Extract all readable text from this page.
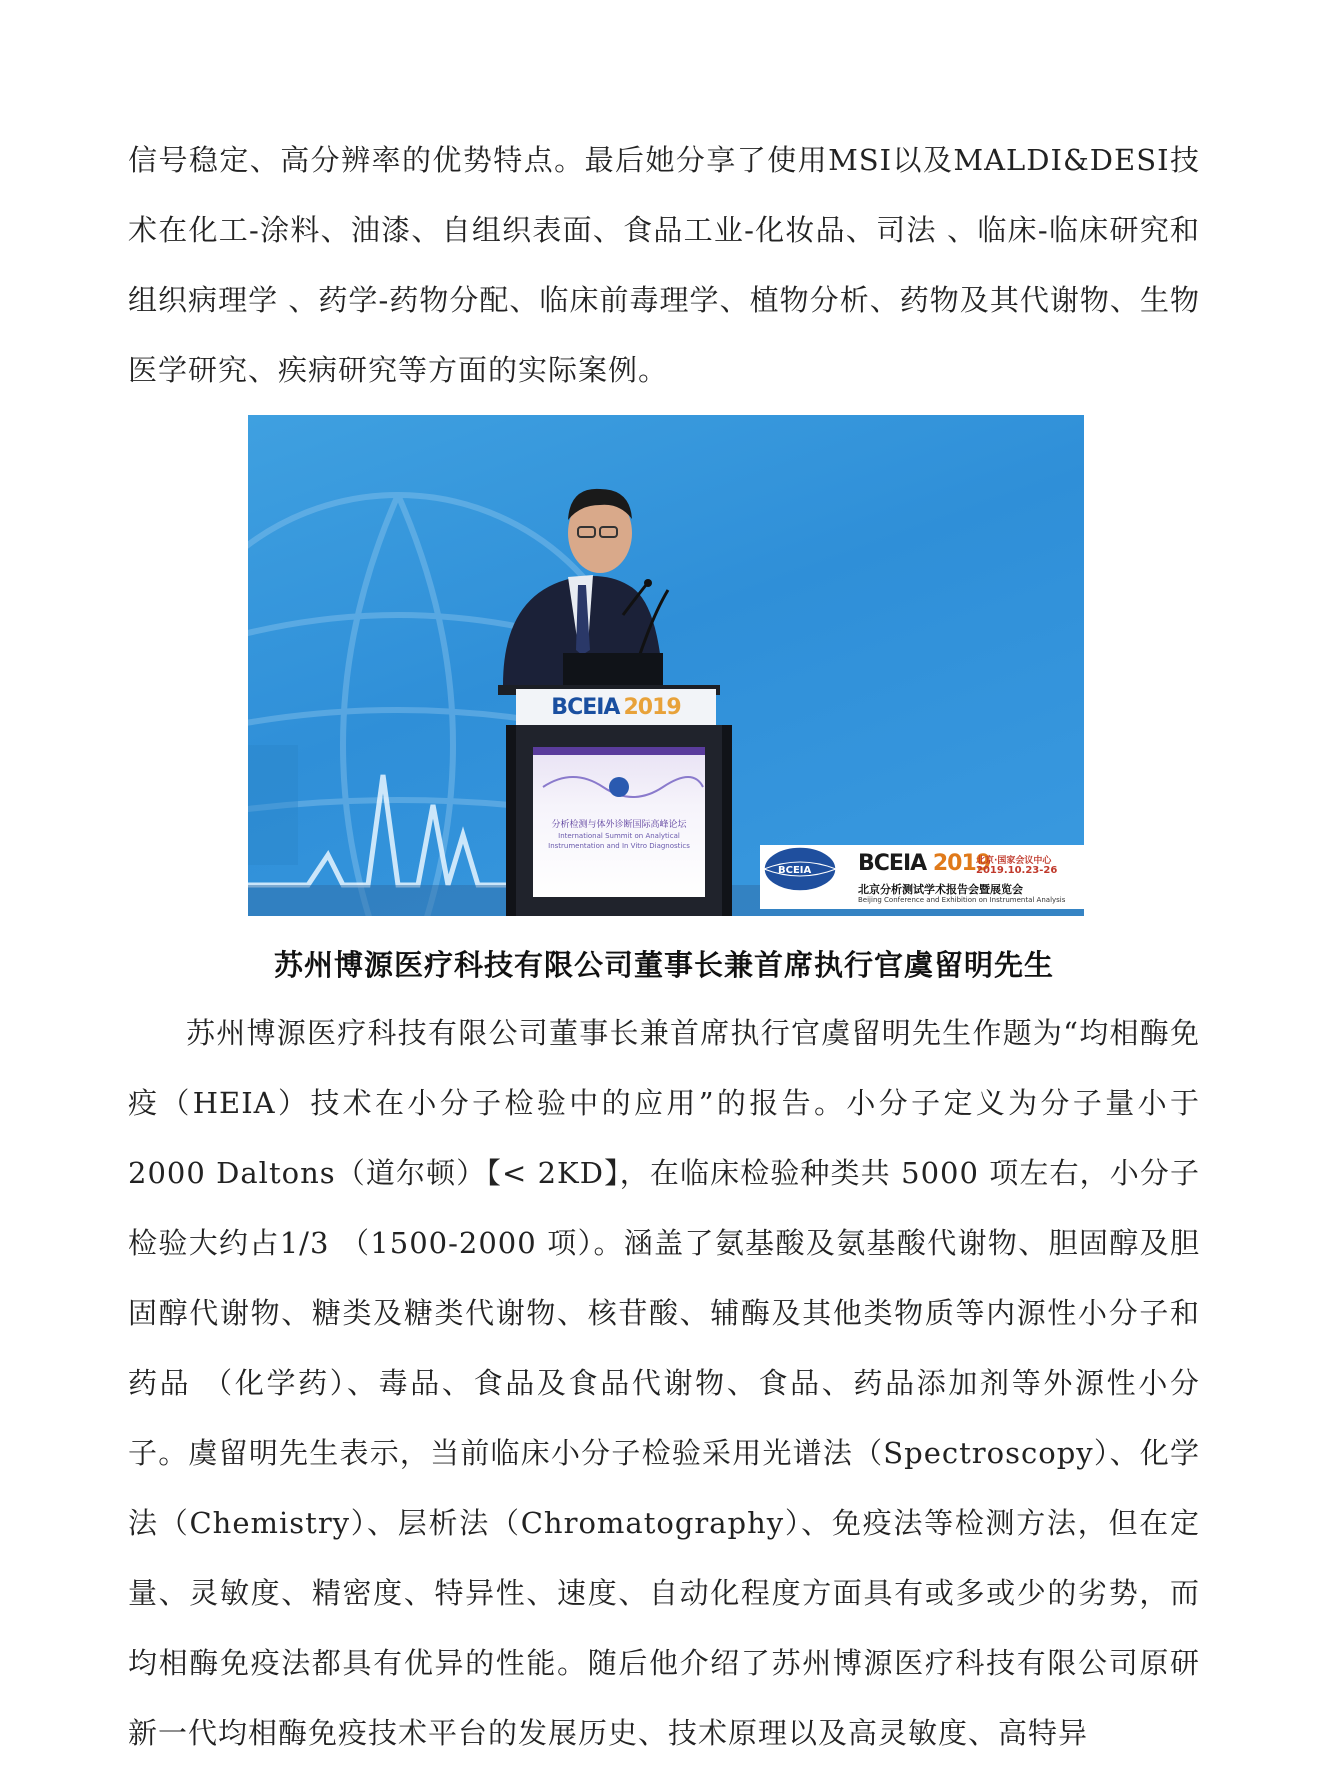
信号稳定、高分辨率的优势特点。最后她分享了使用MSI以及MALDI&DESI技术在化工-涂料、油漆、自组织表面、食品工业-化妆品、司法 、临床-临床研究和组织病理学 、药学-药物分配、临床前毒理学、植物分析、药物及其代谢物、生物医学研究、疾病研究等方面的实际案例。

BCEIA 2019
分析检测与体外诊断国际高峰论坛
International Summit on Analytical Instrumentation and In Vitro Diagnostics
BCEIA BCEIA 2019
北京·国家会议中心
2019.10.23-26
北京分析测试学术报告会暨展览会
Beijing Conference and Exhibition on Instrumental Analysis
苏州博源医疗科技有限公司董事长兼首席执行官虞留明先生

苏州博源医疗科技有限公司董事长兼首席执行官虞留明先生作题为“均相酶免疫（HEIA）技术在小分子检验中的应用”的报告。小分子定义为分子量小于 2000 Daltons（道尔顿）【< 2KD】，在临床检验种类共 5000 项左右，小分子检验大约占1/3 （1500-2000 项）。涵盖了氨基酸及氨基酸代谢物、胆固醇及胆固醇代谢物、糖类及糖类代谢物、核苷酸、辅酶及其他类物质等内源性小分子和药品 （化学药）、毒品、食品及食品代谢物、食品、药品添加剂等外源性小分子。虞留明先生表示，当前临床小分子检验采用光谱法（Spectroscopy）、化学法（Chemistry）、层析法（Chromatography）、免疫法等检测方法，但在定量、灵敏度、精密度、特异性、速度、自动化程度方面具有或多或少的劣势，而均相酶免疫法都具有优异的性能。随后他介绍了苏州博源医疗科技有限公司原研新一代均相酶免疫技术平台的发展历史、技术原理以及高灵敏度、高特异
